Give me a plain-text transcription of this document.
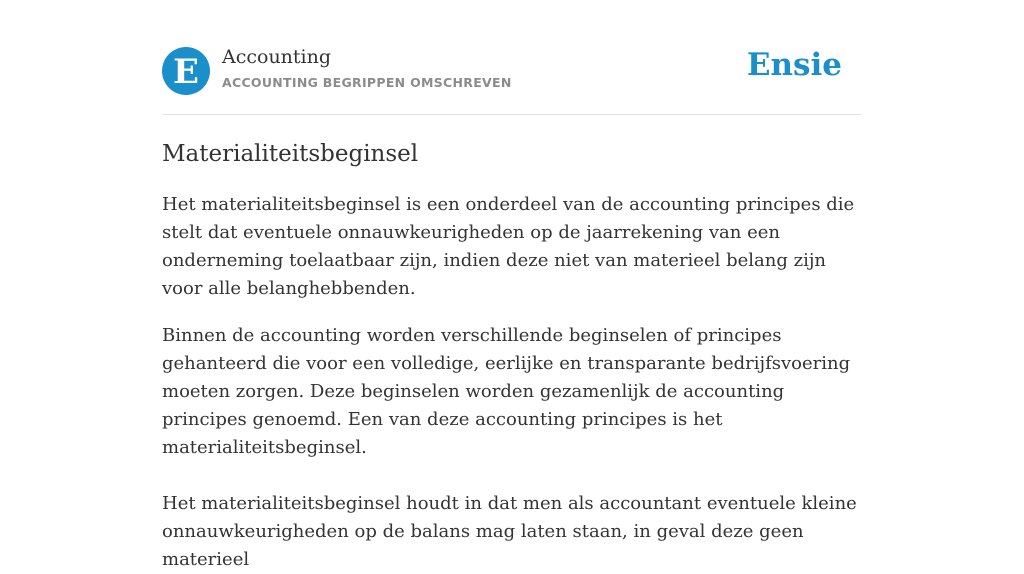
E Accounting
ACCOUNTING BEGRIPPEN OMSCHREVEN	Ensie
Materialiteitsbeginsel

Het materialiteitsbeginsel is een onderdeel van de accounting principes die stelt dat eventuele onnauwkeurigheden op de jaarrekening van een onderneming toelaatbaar zijn, indien deze niet van materieel belang zijn voor alle belanghebbenden.

Binnen de accounting worden verschillende beginselen of principes gehanteerd die voor een volledige, eerlijke en transparante bedrijfsvoering moeten zorgen. Deze beginselen worden gezamenlijk de accounting principes genoemd. Een van deze accounting principes is het materialiteitsbeginsel.

Het materialiteitsbeginsel houdt in dat men als accountant eventuele kleine onnauwkeurigheden op de balans mag laten staan, in geval deze geen materieel
